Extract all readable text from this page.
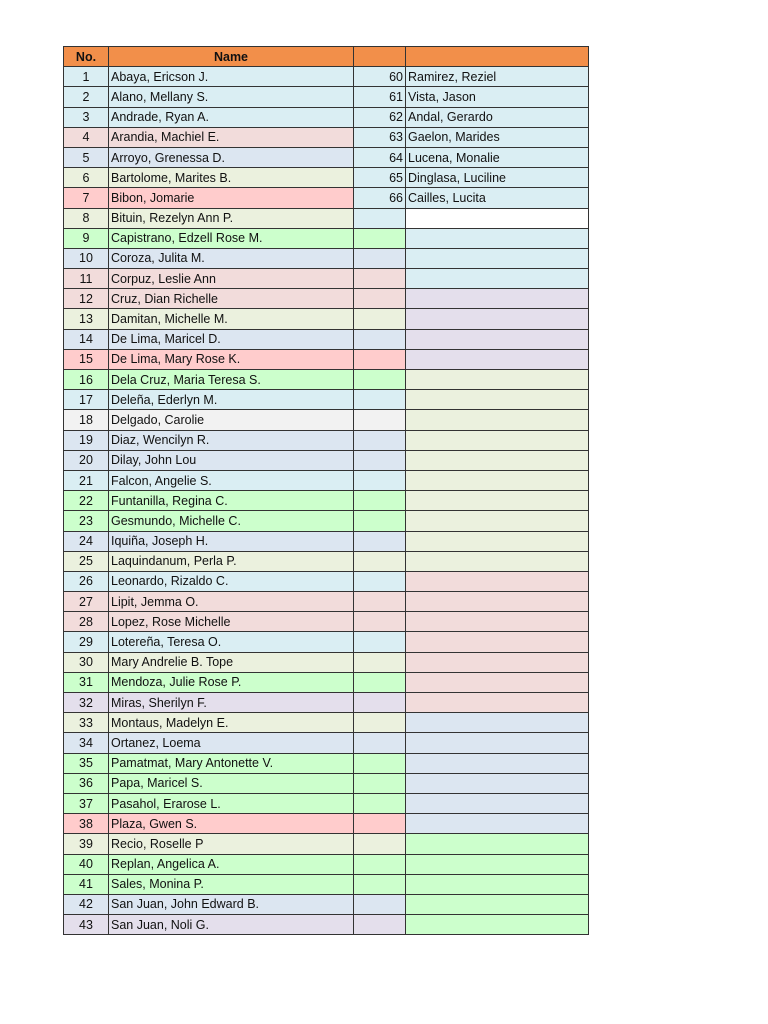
No.	Name		
1	Abaya, Ericson J.	60	Ramirez, Reziel
2	Alano, Mellany S.	61	Vista, Jason
3	Andrade, Ryan A.	62	Andal, Gerardo
4	Arandia, Machiel E.	63	Gaelon, Marides
5	Arroyo, Grenessa D.	64	Lucena, Monalie
6	Bartolome, Marites B.	65	Dinglasa, Luciline
7	Bibon, Jomarie	66	Cailles, Lucita
8	Bituin, Rezelyn Ann P.		
9	Capistrano, Edzell Rose M.		
10	Coroza, Julita M.		
11	Corpuz, Leslie Ann		
12	Cruz, Dian Richelle		
13	Damitan, Michelle M.		
14	De Lima, Maricel D.		
15	De Lima, Mary Rose K.		
16	Dela Cruz, Maria Teresa S.		
17	Deleña, Ederlyn M.		
18	Delgado, Carolie		
19	Diaz, Wencilyn R.		
20	Dilay, John Lou		
21	Falcon, Angelie S.		
22	Funtanilla, Regina C.		
23	Gesmundo, Michelle C.		
24	Iquiña, Joseph H.		
25	Laquindanum, Perla P.		
26	Leonardo, Rizaldo C.		
27	Lipit, Jemma O.		
28	Lopez, Rose Michelle		
29	Lotereña, Teresa O.		
30	Mary Andrelie B. Tope		
31	Mendoza, Julie Rose P.		
32	Miras, Sherilyn F.		
33	Montaus, Madelyn E.		
34	Ortanez, Loema		
35	Pamatmat, Mary Antonette V.		
36	Papa, Maricel S.		
37	Pasahol, Erarose L.		
38	Plaza, Gwen S.		
39	Recio, Roselle P		
40	Replan, Angelica A.		
41	Sales, Monina P.		
42	San Juan, John Edward B.		
43	San Juan, Noli G.		
